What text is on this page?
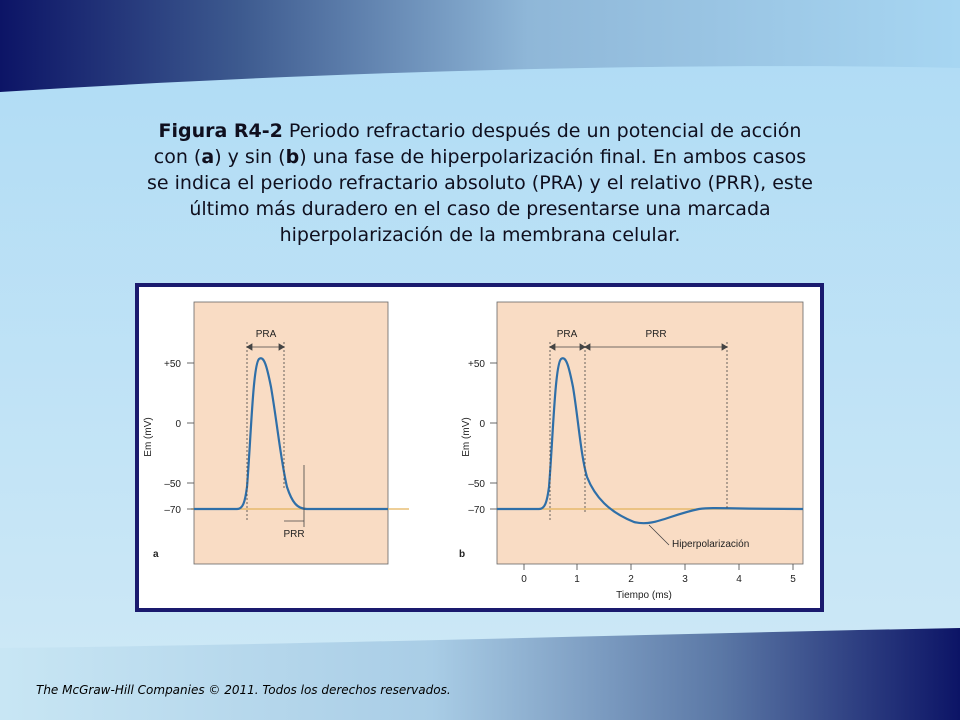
Figura R4-2 Periodo refractario después de un potencial de acción
con (a) y sin (b) una fase de hiperpolarización final. En ambos casos
se indica el periodo refractario absoluto (PRA) y el relativo (PRR), este
último más duradero en el caso de presentarse una marcada
hiperpolarización de la membrana celular.
Em (mV)
+50
0
–50
–70
PRA
PRR
a
Em (mV)
+50
0
–50
–70
PRA	PRR
Hiperpolarización
b
0	1	2	3	4	5
Tiempo (ms)
The McGraw-Hill Companies © 2011. Todos los derechos reservados.
